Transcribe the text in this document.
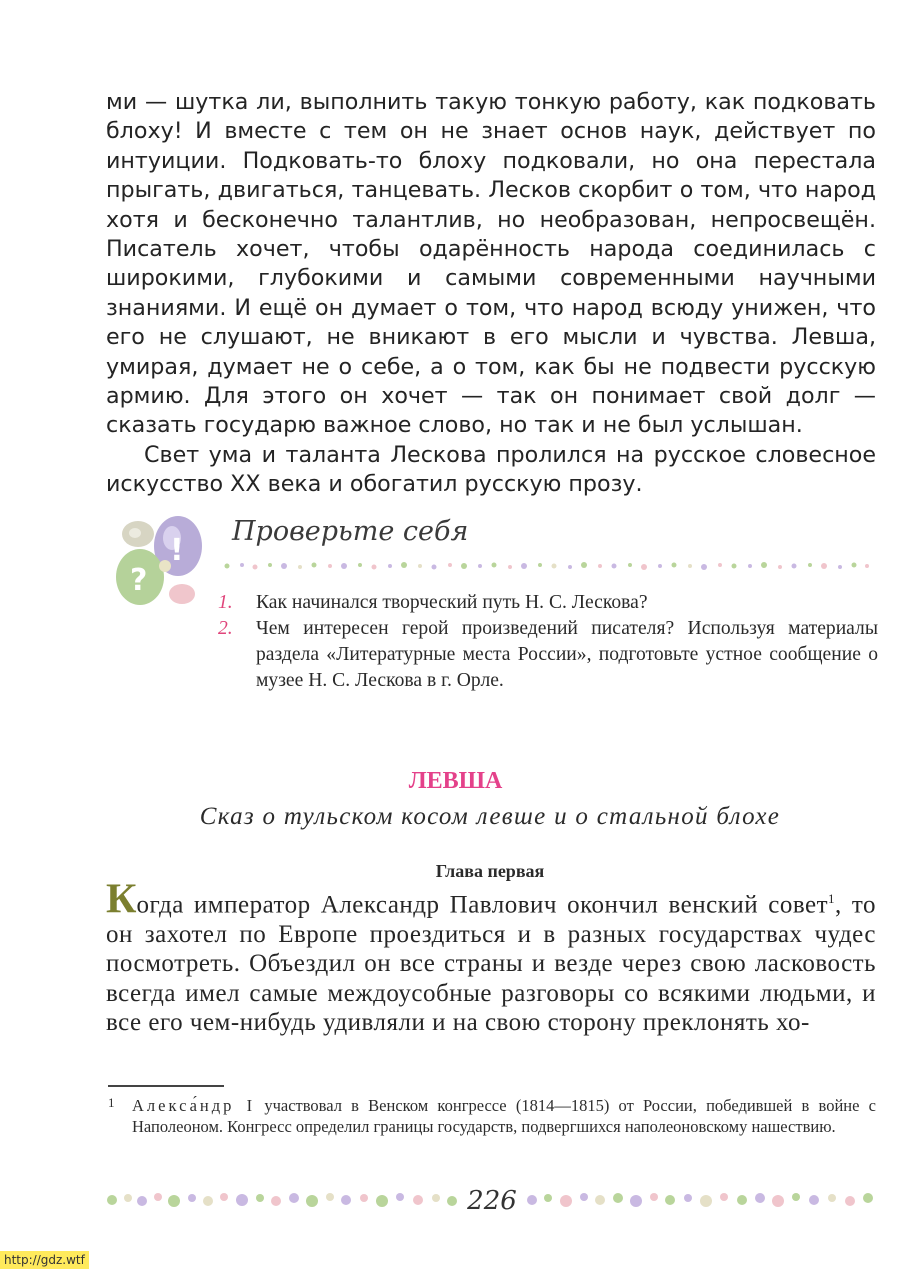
ми — шутка ли, выполнить такую тонкую работу, как подковать блоху! И вместе с тем он не знает основ наук, действует по интуиции. Подковать-то блоху подковали, но она перестала прыгать, двигаться, танцевать. Лесков скорбит о том, что народ хотя и бесконечно талантлив, но необразован, непросвещён. Писатель хочет, чтобы одарённость народа соединилась с широкими, глубокими и самыми современными научными знаниями. И ещё он думает о том, что народ всюду унижен, что его не слушают, не вникают в его мысли и чувства. Левша, умирая, думает не о себе, а о том, как бы не подвести русскую армию. Для этого он хочет — так он понимает свой долг — сказать государю важное слово, но так и не был услышан.

Свет ума и таланта Лескова пролился на русское словесное искусство XX века и обогатил русскую прозу.

!
?

Проверьте себя

1. Как начинался творческий путь Н. С. Лескова?
2. Чем интересен герой произведений писателя? Используя материалы раздела «Литературные места России», подготовьте устное сообщение о музее Н. С. Лескова в г. Орле.
ЛЕВША

Сказ о тульском косом левше и о стальной блохе

Глава первая

Когда император Александр Павлович окончил венский совет$^1$, то он захотел по Европе проездиться и в разных государствах чудес посмотреть. Объездил он все страны и везде через свою ласковость всегда имел самые междоусобные разговоры со всякими людьми, и все его чем-нибудь удивляли и на свою сторону преклонять хо-

1	Алекса́ндр I участвовал в Венском конгрессе (1814—1815) от России, победившей в войне с Наполеоном. Конгресс определил границы государств, подвергшихся наполеоновскому нашествию.

226

http://gdz.wtf
